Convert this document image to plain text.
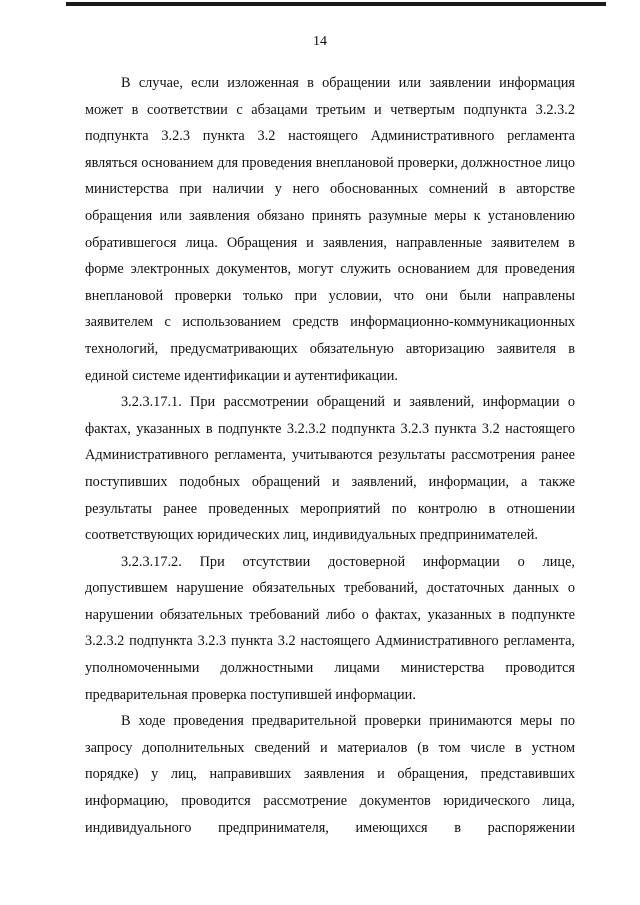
14

В случае, если изложенная в обращении или заявлении информация может в соответствии с абзацами третьим и четвертым подпункта 3.2.3.2 подпункта 3.2.3 пункта 3.2 настоящего Административного регламента являться основанием для проведения внеплановой проверки, должностное лицо министерства при наличии у него обоснованных сомнений в авторстве обращения или заявления обязано принять разумные меры к установлению обратившегося лица. Обращения и заявления, направленные заявителем в форме электронных документов, могут служить основанием для проведения внеплановой проверки только при условии, что они были направлены заявителем с использованием средств информационно-коммуникационных технологий, предусматривающих обязательную авторизацию заявителя в единой системе идентификации и аутентификации.

3.2.3.17.1. При рассмотрении обращений и заявлений, информации о фактах, указанных в подпункте 3.2.3.2 подпункта 3.2.3 пункта 3.2 настоящего Административного регламента, учитываются результаты рассмотрения ранее поступивших подобных обращений и заявлений, информации, а также результаты ранее проведенных мероприятий по контролю в отношении соответствующих юридических лиц, индивидуальных предпринимателей.

3.2.3.17.2. При отсутствии достоверной информации о лице, допустившем нарушение обязательных требований, достаточных данных о нарушении обязательных требований либо о фактах, указанных в подпункте 3.2.3.2 подпункта 3.2.3 пункта 3.2 настоящего Административного регламента, уполномоченными должностными лицами министерства проводится предварительная проверка поступившей информации.

В ходе проведения предварительной проверки принимаются меры по запросу дополнительных сведений и материалов (в том числе в устном порядке) у лиц, направивших заявления и обращения, представивших информацию, проводится рассмотрение документов юридического лица, индивидуального предпринимателя, имеющихся в распоряжении
